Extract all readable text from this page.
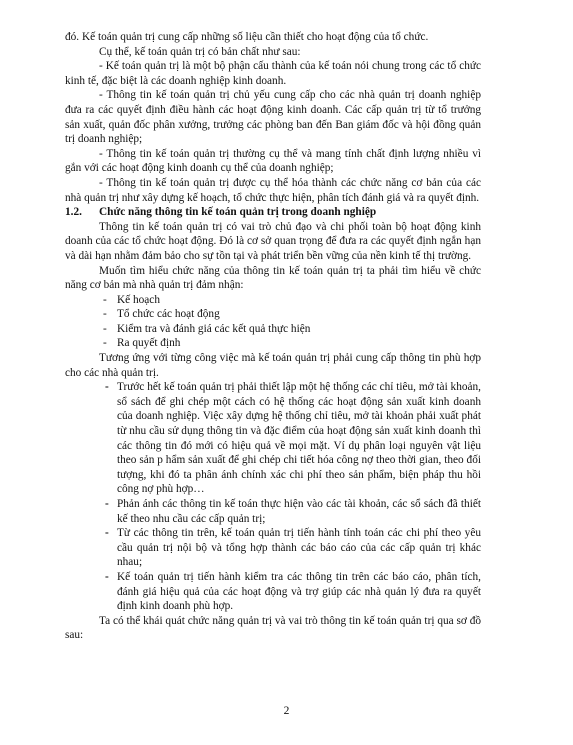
đó. Kế toán quản trị cung cấp những số liệu cần thiết cho hoạt động của tổ chức.

Cụ thể, kế toán quản trị có bản chất như sau:

- Kế toán quản trị là một bộ phận cấu thành của kế toán nói chung trong các tổ chức kinh tế, đặc biệt là các doanh nghiệp kinh doanh.

- Thông tin kế toán quản trị chủ yếu cung cấp cho các nhà quản trị doanh nghiệp đưa ra các quyết định điều hành các hoạt động kinh doanh. Các cấp quản trị từ tổ trưởng sản xuất, quản đốc phân xưởng, trưởng các phòng ban đến Ban giám đốc và hội đồng quản trị doanh nghiệp;

- Thông tin kế toán quản trị thường cụ thể và mang tính chất định lượng nhiều vì gắn với các hoạt động kinh doanh cụ thể của doanh nghiệp;

- Thông tin kế toán quản trị được cụ thể hóa thành các chức năng cơ bản của các nhà quản trị như xây dựng kế hoạch, tổ chức thực hiện, phân tích đánh giá và ra quyết định.

1.2. Chức năng thông tin kế toán quản trị trong doanh nghiệp

Thông tin kế toán quản trị có vai trò chủ đạo và chi phối toàn bộ hoạt động kinh doanh của các tổ chức hoạt động. Đó là cơ sở quan trọng để đưa ra các quyết định ngắn hạn và dài hạn nhằm đảm bảo cho sự tồn tại và phát triển bền vững của nền kinh tế thị trường.

Muốn tìm hiểu chức năng của thông tin kế toán quản trị ta phải tìm hiểu về chức năng cơ bản mà nhà quản trị đảm nhận:

- Kế hoạch
- Tổ chức các hoạt động
- Kiểm tra và đánh giá các kết quả thực hiện
- Ra quyết định

Tương ứng với từng công việc mà kế toán quản trị phải cung cấp thông tin phù hợp cho các nhà quản trị.

- Trước hết kế toán quản trị phải thiết lập một hệ thống các chỉ tiêu, mở tài khoản, sổ sách để ghi chép một cách có hệ thống các hoạt động sản xuất kinh doanh của doanh nghiệp. Việc xây dựng hệ thống chỉ tiêu, mở tài khoản phải xuất phát từ nhu cầu sử dụng thông tin và đặc điểm của hoạt động sản xuất kinh doanh thì các thông tin đó mới có hiệu quả về mọi mặt. Ví dụ phân loại nguyên vật liệu theo sản p hẩm sản xuất để ghi chép chi tiết hóa công nợ theo thời gian, theo đối tượng, khi đó ta phân ánh chính xác chi phí theo sản phẩm, biện pháp thu hồi công nợ phù hợp…
- Phản ánh các thông tin kế toán thực hiện vào các tài khoản, các sổ sách đã thiết kế theo nhu cầu các cấp quản trị;
- Từ các thông tin trên, kế toán quản trị tiến hành tính toán các chi phí theo yêu cầu quản trị nội bộ và tổng hợp thành các báo cáo của các cấp quản trị khác nhau;
- Kế toán quản trị tiến hành kiểm tra các thông tin trên các báo cáo, phân tích, đánh giá hiệu quả của các hoạt động và trợ giúp các nhà quản lý đưa ra quyết định kinh doanh phù hợp.

Ta có thể khái quát chức năng quản trị và vai trò thông tin kế toán quản trị qua sơ đồ sau:

2
